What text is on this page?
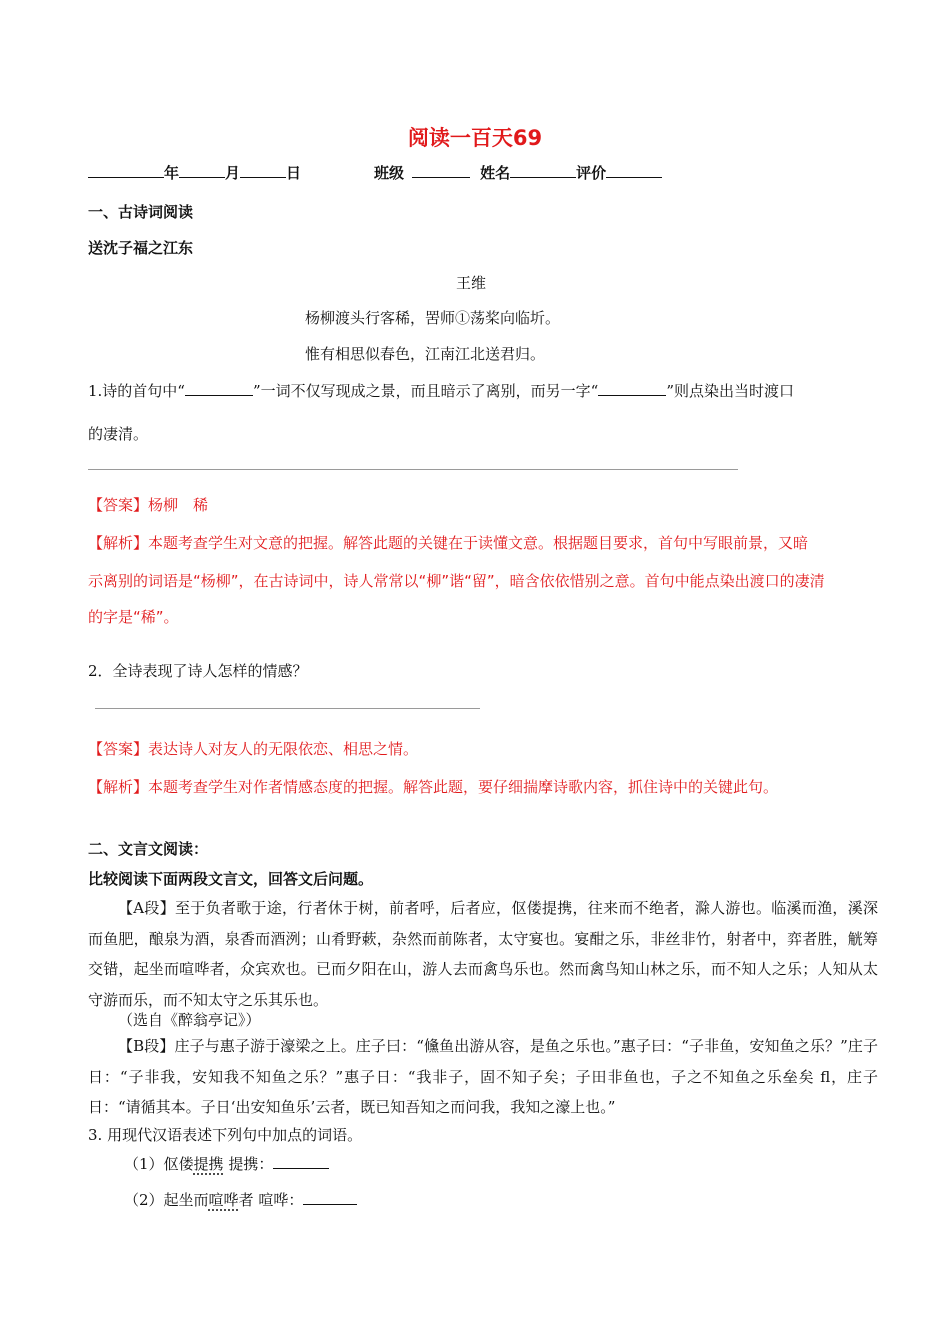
阅读一百天69
年	月	日	班级	姓名	评价
一、古诗词阅读
送沈子福之江东
王维
杨柳渡头行客稀，罟师①荡桨向临圻。
惟有相思似春色，江南江北送君归。
1.诗的首句中“	”一词不仅写现成之景，而且暗示了离别，而另一字“	”则点染出当时渡口
的凄清。
【答案】杨柳　稀
【解析】本题考查学生对文意的把握。解答此题的关键在于读懂文意。根据题目要求，首句中写眼前景，又暗
示离别的词语是“杨柳”，在古诗词中，诗人常常以“柳”谐“留”，暗含依依惜别之意。首句中能点染出渡口的凄清
的字是“稀”。
2．全诗表现了诗人怎样的情感？
【答案】表达诗人对友人的无限依恋、相思之情。
【解析】本题考查学生对作者情感态度的把握。解答此题，要仔细揣摩诗歌内容，抓住诗中的关键此句。
二、文言文阅读：
比较阅读下面两段文言文，回答文后问题。
【A段】至于负者歌于途，行者休于树，前者呼，后者应，伛偻提携，往来而不绝者，滁人游也。临溪而渔，溪深而鱼肥，酿泉为酒，泉香而酒洌；山肴野蔌，杂然而前陈者，太守宴也。宴酣之乐，非丝非竹，射者中，弈者胜，觥筹交错，起坐而喧哗者，众宾欢也。已而夕阳在山，游人去而禽鸟乐也。然而禽鸟知山林之乐，而不知人之乐；人知从太守游而乐，而不知太守之乐其乐也。
（选自《醉翁亭记》）
【B段】庄子与惠子游于濠梁之上。庄子曰：“儵鱼出游从容，是鱼之乐也。”惠子曰：“子非鱼，安知鱼之乐？”庄子日：“子非我，安知我不知鱼之乐？”惠子日：“我非子，固不知子矣；子田非鱼也，子之不知鱼之乐垒矣 fl，庄子日：“请循其本。子日‘出安知鱼乐’云者，既已知吾知之而问我，我知之濠上也。”
3. 用现代汉语表述下列句中加点的词语。
（1）伛偻提携 提携：
（2）起坐而喧哗者 喧哗：
